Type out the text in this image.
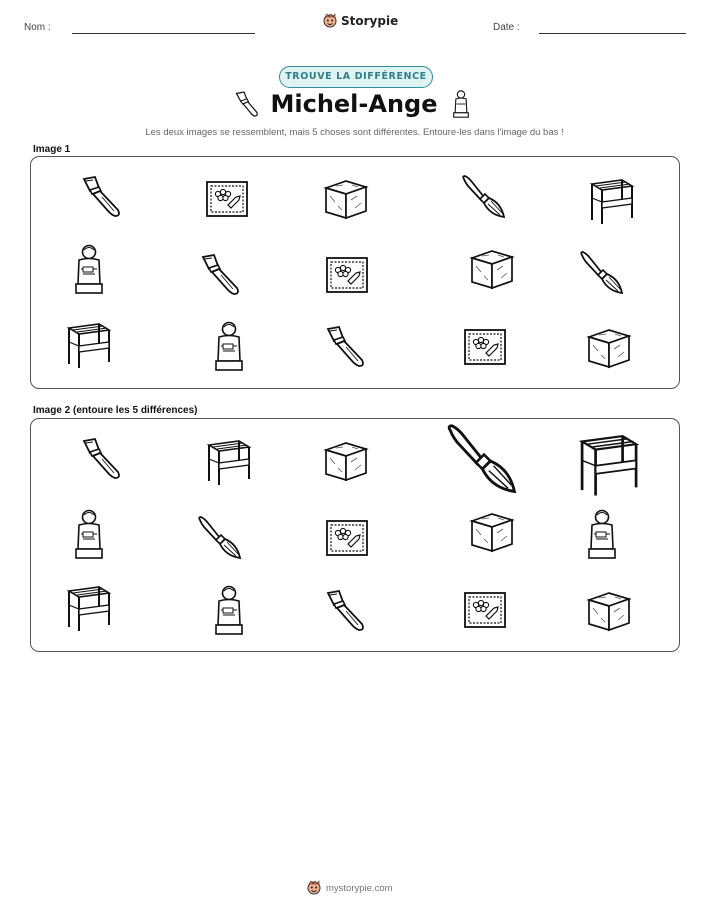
Nom :	Storypie	Date :
TROUVE LA DIFFÉRENCE
Michel-Ange
Les deux images se ressemblent, mais 5 choses sont différentes. Entoure-les dans l'image du bas !
Image 1
Image 2 (entoure les 5 différences)
mystorypie.com
